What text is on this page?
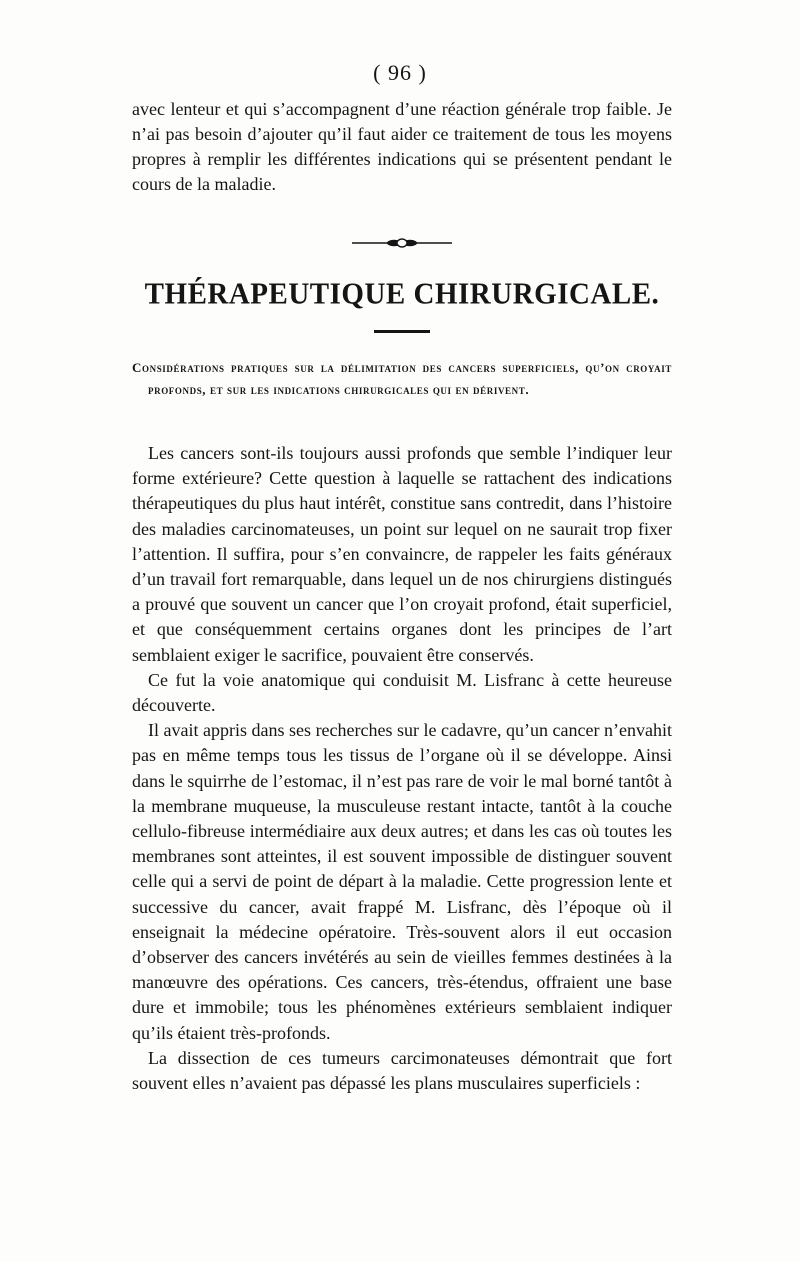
( 96 )

avec lenteur et qui s’accompagnent d’une réaction générale trop faible. Je n’ai pas besoin d’ajouter qu’il faut aider ce traitement de tous les moyens propres à remplir les différentes indications qui se présentent pendant le cours de la maladie.

THÉRAPEUTIQUE CHIRURGICALE.
Considérations pratiques sur la délimitation des cancers superficiels, qu’on croyait profonds, et sur les indications chirurgicales qui en dérivent.

Les cancers sont-ils toujours aussi profonds que semble l’indiquer leur forme extérieure? Cette question à laquelle se rattachent des indications thérapeutiques du plus haut intérêt, constitue sans contredit, dans l’histoire des maladies carcinomateuses, un point sur lequel on ne saurait trop fixer l’attention. Il suffira, pour s’en convaincre, de rappeler les faits généraux d’un travail fort remarquable, dans lequel un de nos chirurgiens distingués a prouvé que souvent un cancer que l’on croyait profond, était superficiel, et que conséquemment certains organes dont les principes de l’art semblaient exiger le sacrifice, pouvaient être conservés.

Ce fut la voie anatomique qui conduisit M. Lisfranc à cette heureuse découverte.

Il avait appris dans ses recherches sur le cadavre, qu’un cancer n’envahit pas en même temps tous les tissus de l’organe où il se développe. Ainsi dans le squirrhe de l’estomac, il n’est pas rare de voir le mal borné tantôt à la membrane muqueuse, la musculeuse restant intacte, tantôt à la couche cellulo-fibreuse intermédiaire aux deux autres; et dans les cas où toutes les membranes sont atteintes, il est souvent impossible de distinguer souvent celle qui a servi de point de départ à la maladie. Cette progression lente et successive du cancer, avait frappé M. Lisfranc, dès l’époque où il enseignait la médecine opératoire. Très-souvent alors il eut occasion d’observer des cancers invétérés au sein de vieilles femmes destinées à la manœuvre des opérations. Ces cancers, très-étendus, offraient une base dure et immobile; tous les phénomènes extérieurs semblaient indiquer qu’ils étaient très-profonds.

La dissection de ces tumeurs carcimonateuses démontrait que fort souvent elles n’avaient pas dépassé les plans musculaires superficiels :
